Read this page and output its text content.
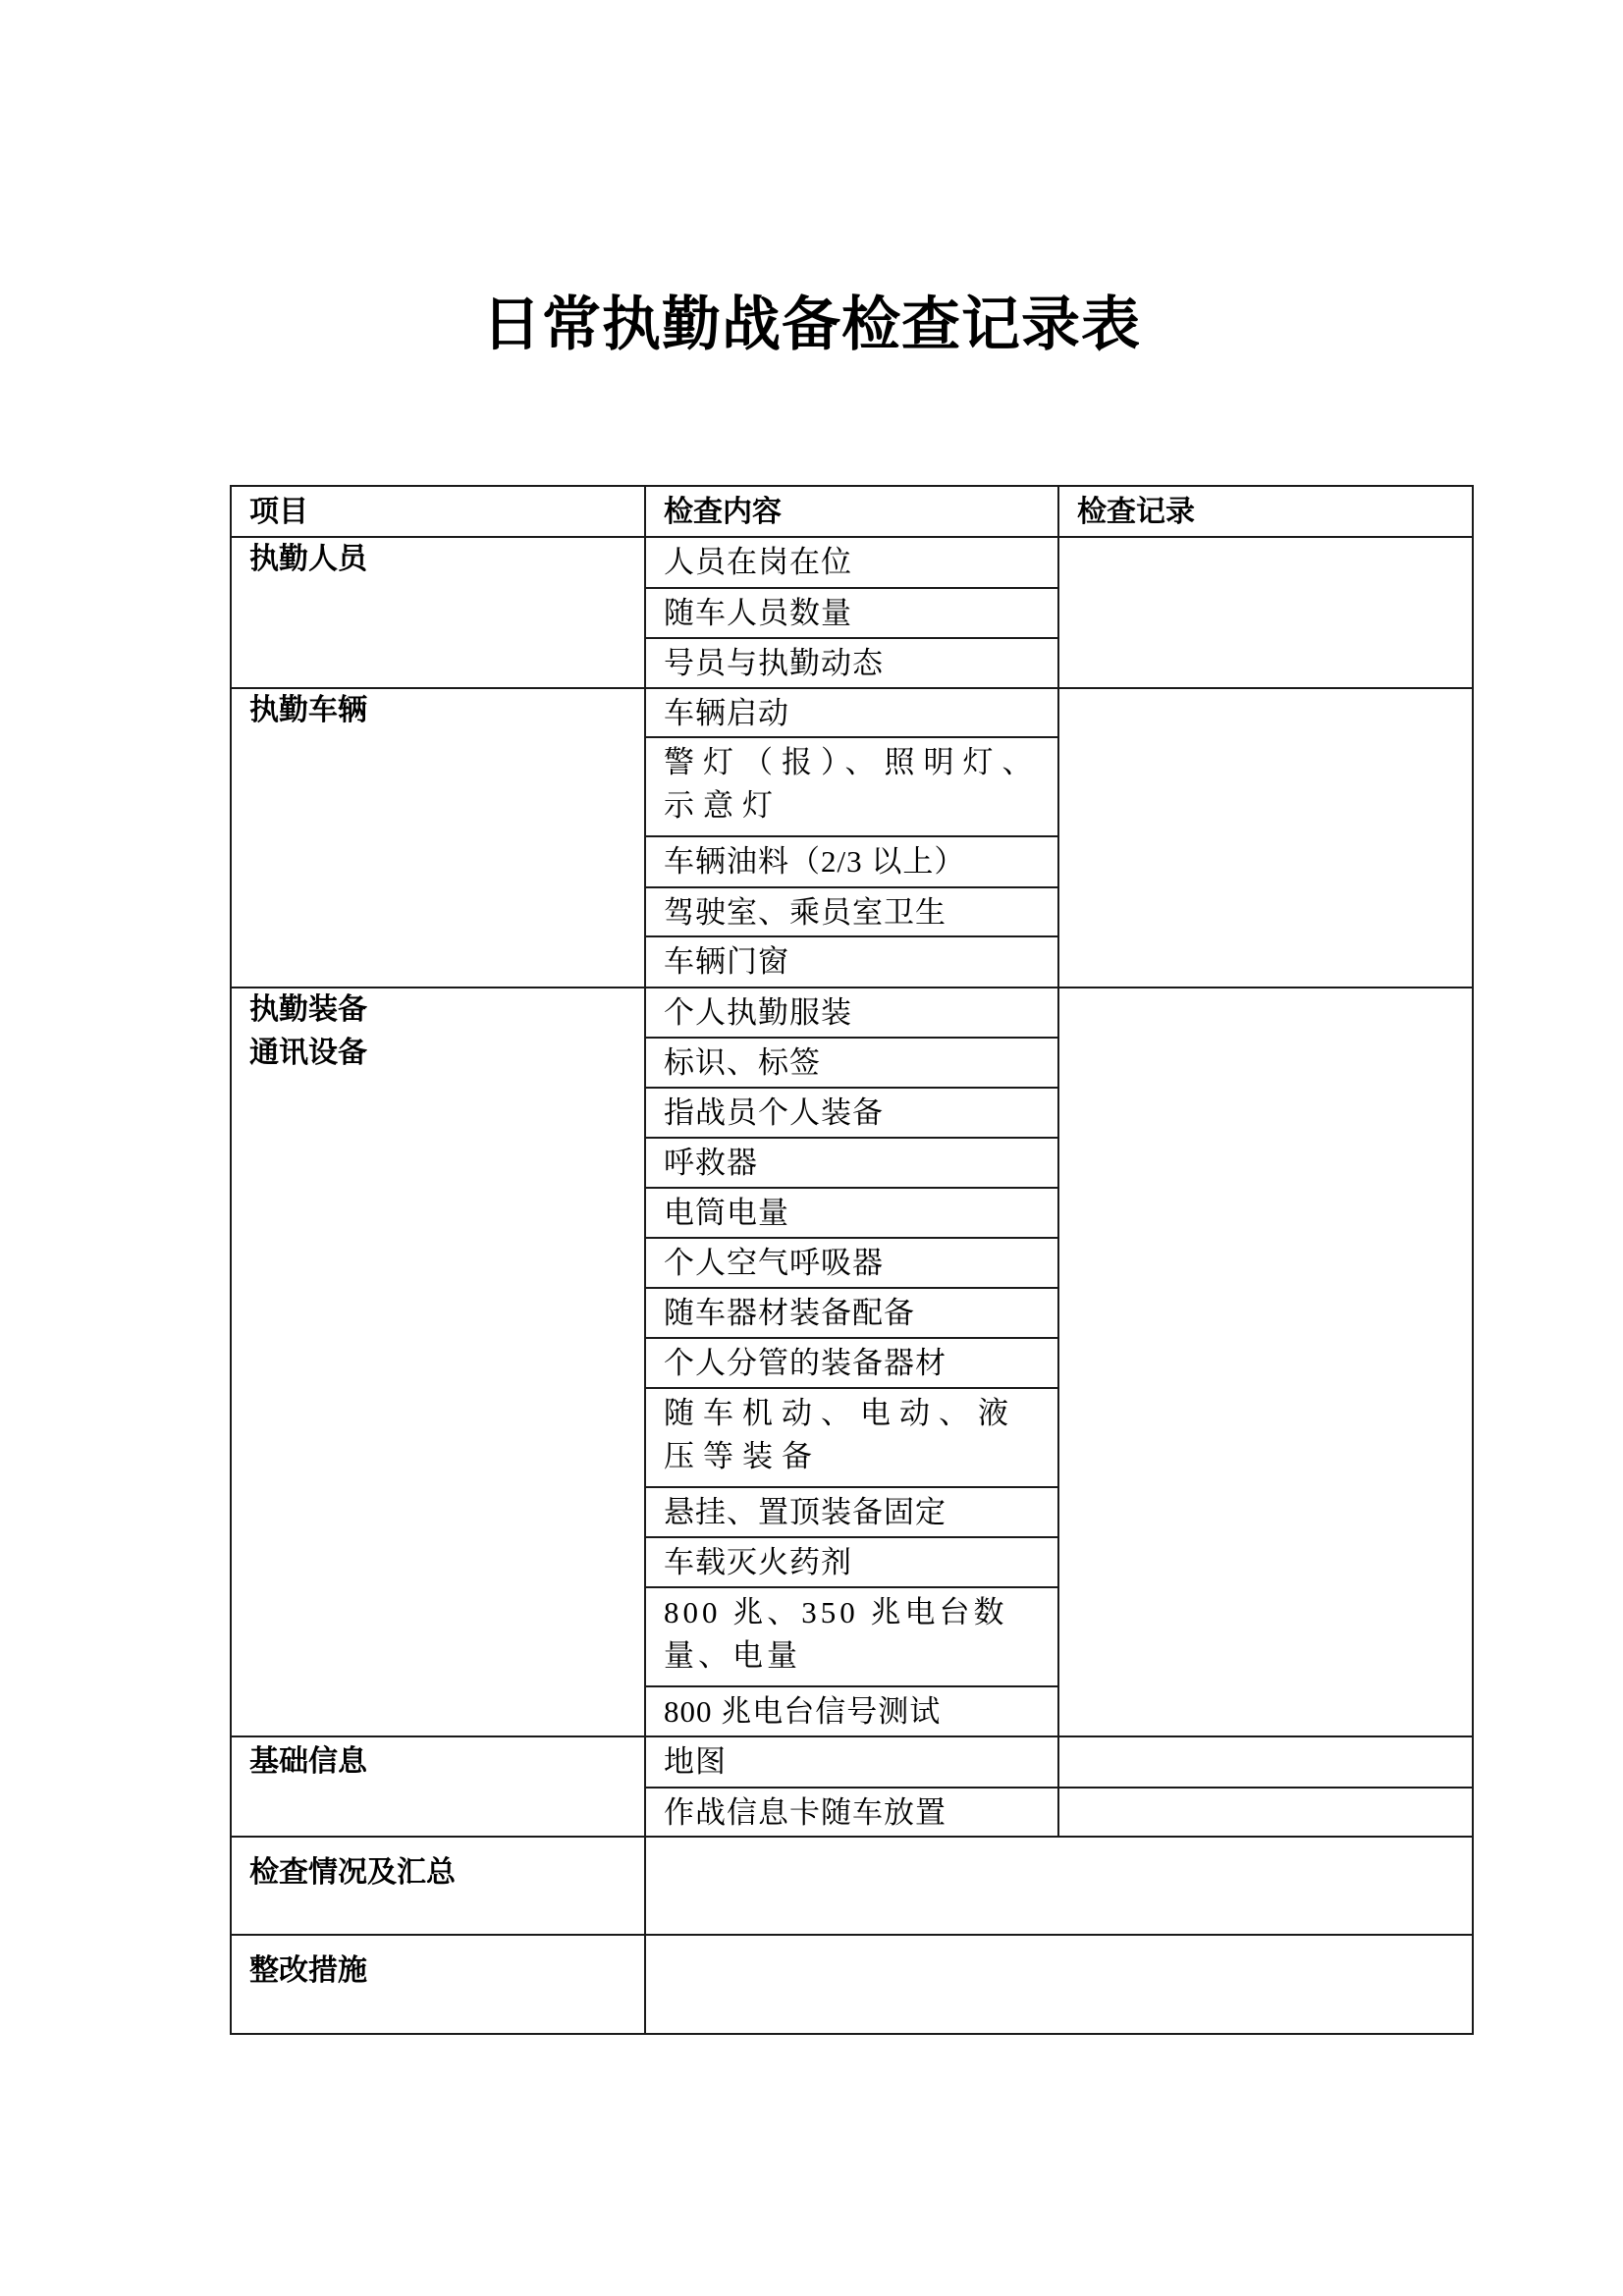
日常执勤战备检查记录表
项目	检查内容	检查记录

执勤人员	人员在岗在位	

	随车人员数量	

	号员与执勤动态	

执勤车辆	车辆启动	

	警灯（报）、照明灯、示意灯	

	车辆油料（2/3 以上）	

	驾驶室、乘员室卫生	

	车辆门窗	

执勤装备
通讯设备	个人执勤服装	

	标识、标签	

	指战员个人装备	

	呼救器	

	电筒电量	

	个人空气呼吸器	

	随车器材装备配备	

	个人分管的装备器材	

	随车机动、电动、液压等装备	

	悬挂、置顶装备固定	

	车载灭火药剂	

	800 兆、350 兆电台数量、电量	

	800 兆电台信号测试	

基础信息	地图	

	作战信息卡随车放置	

检查情况及汇总		

整改措施		
